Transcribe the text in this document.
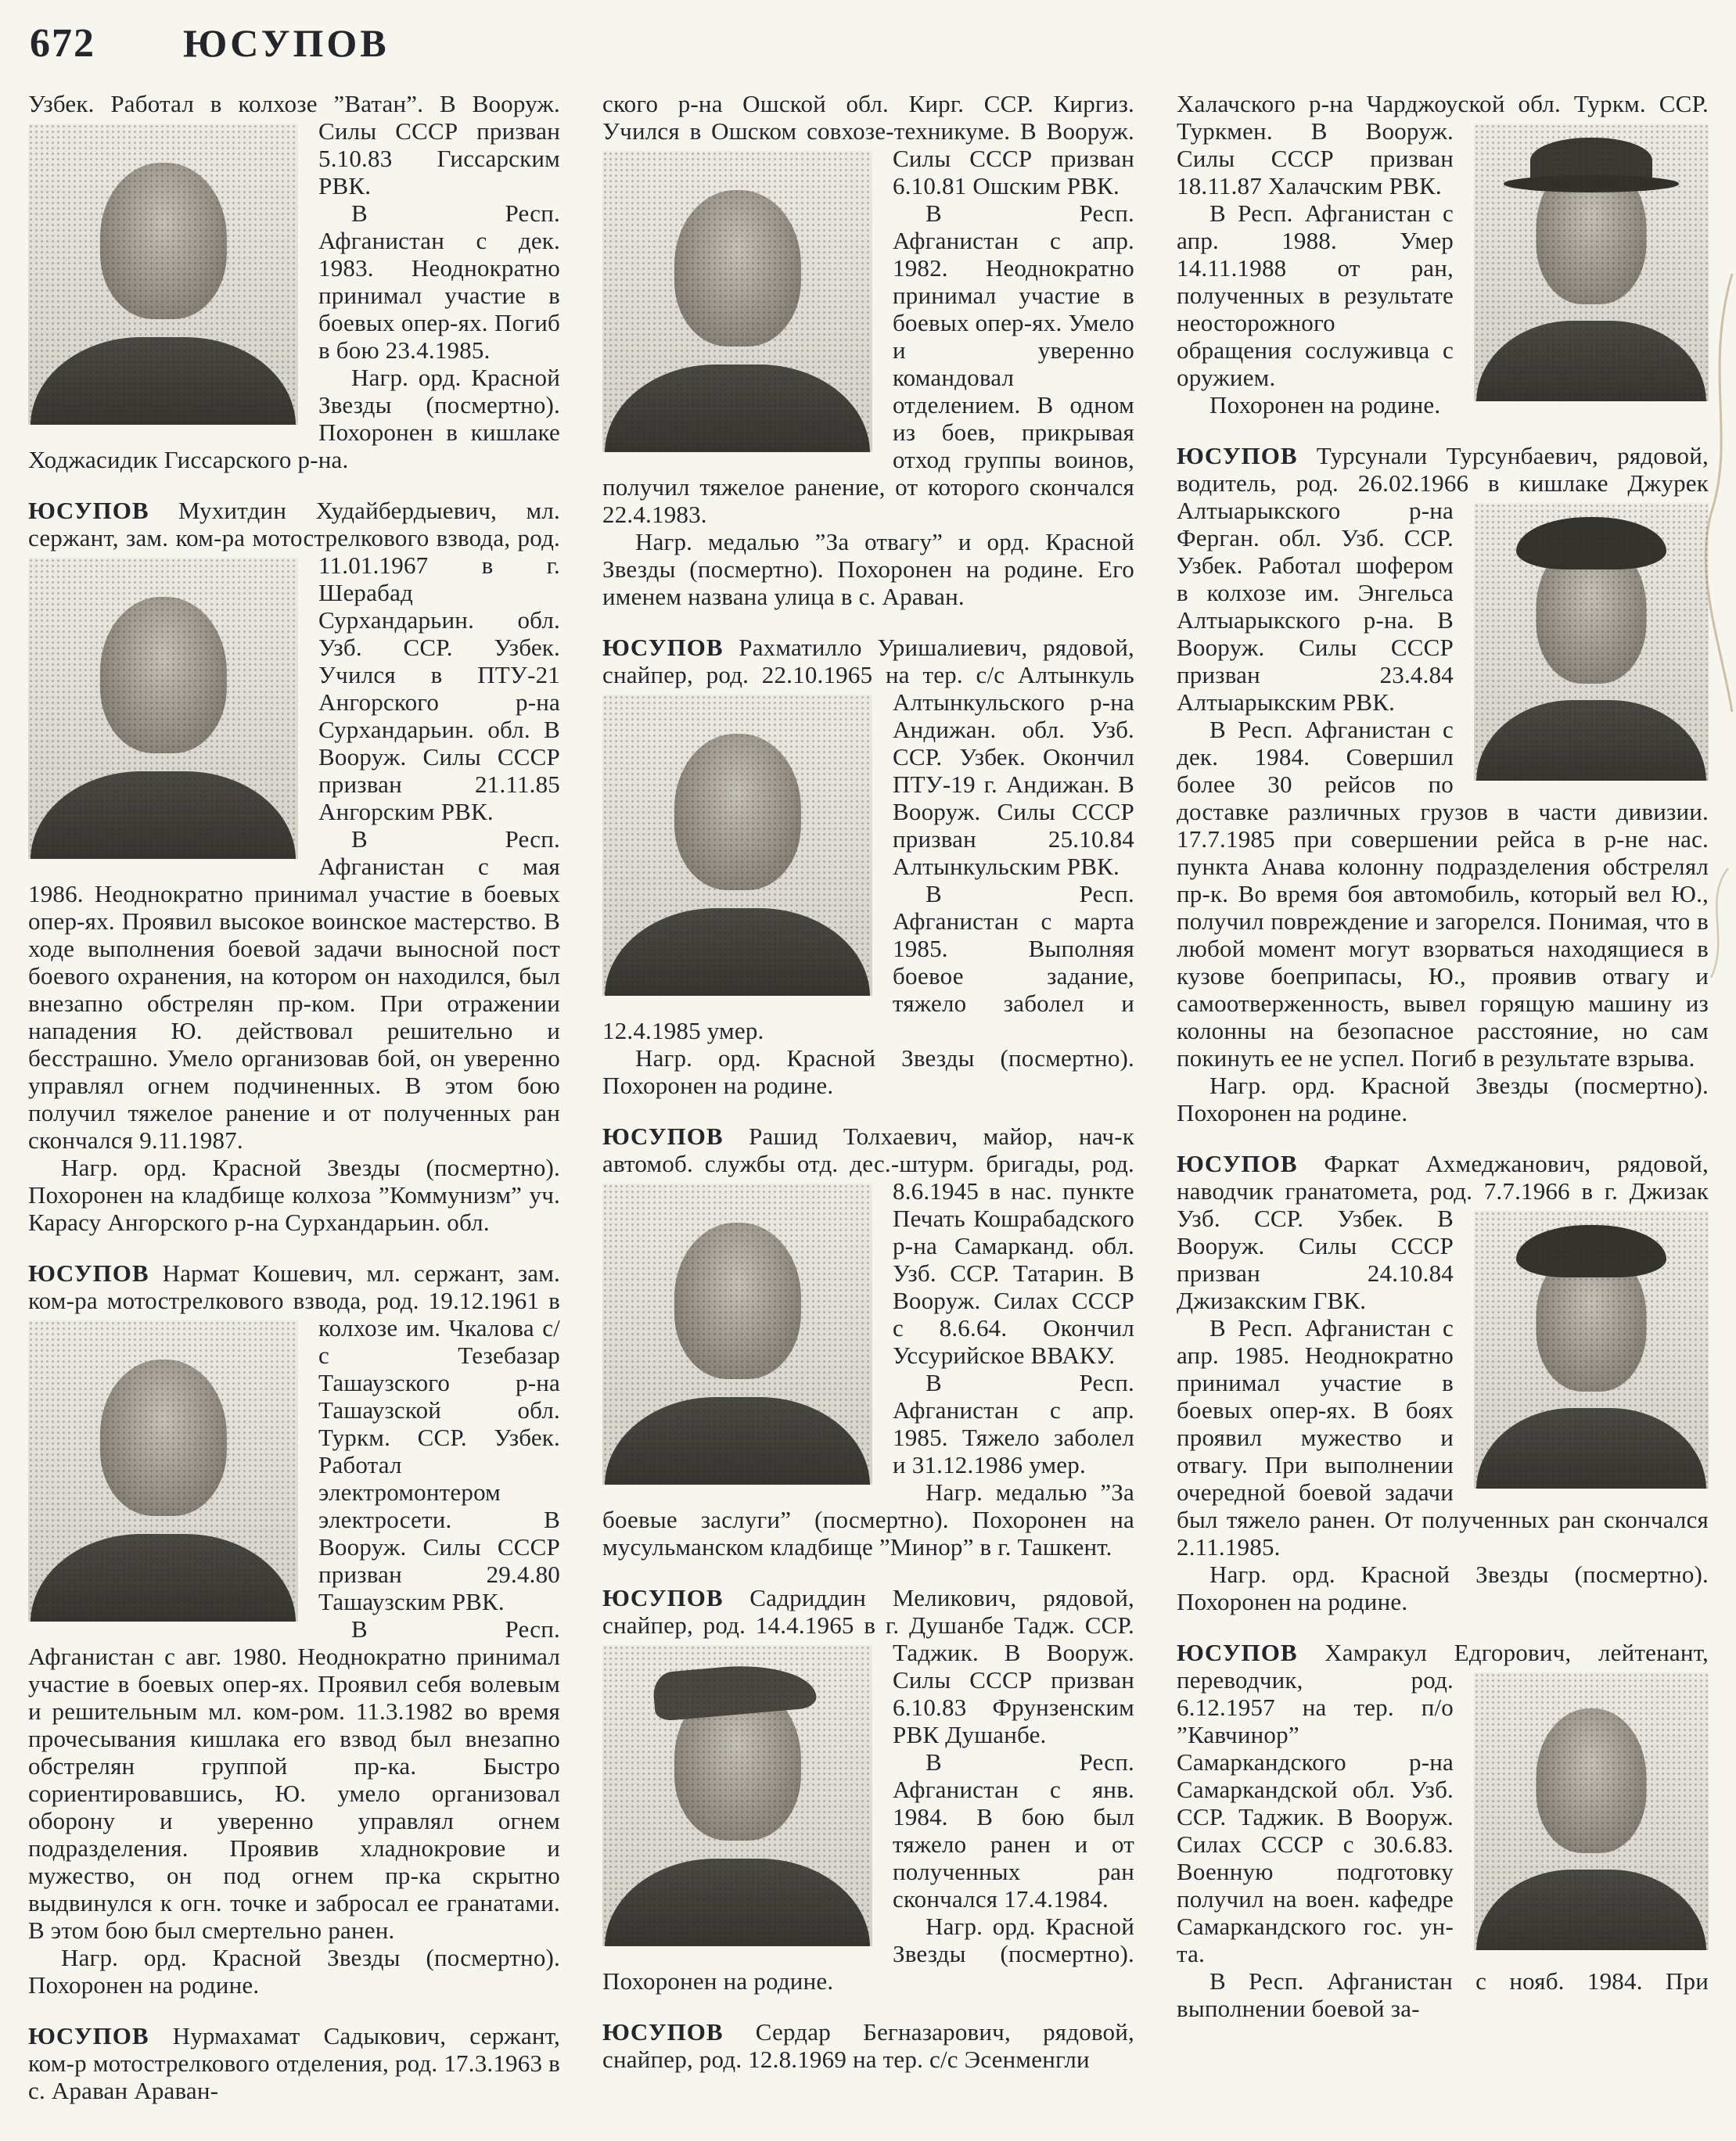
672	ЮСУПОВ

Узбек. Работал в колхозе ”Ватан”.
В Вооруж. Силы СССР призван 5.10.83 Гиссарским РВК.

В Респ. Афганистан с дек. 1983. Неоднократно принимал участие в боевых опер-ях. Погиб в бою 23.4.1985.

Нагр. орд. Красной Звезды (посмертно). Похоронен в кишлаке Ходжасидик Гиссарского р-на.

ЮСУПОВ Мухитдин Худайбердыевич, мл. сержант, зам. ком-ра мотострелкового
взвода, род. 11.01.1967 в г. Шерабад Сурхандарьин. обл. Узб. ССР. Узбек. Учился в ПТУ-21 Ангорского р-на Сурхандарьин. обл. В Вооруж. Силы СССР призван 21.11.85 Ангорским РВК.

В Респ. Афганистан с мая 1986. Неоднократно принимал участие в боевых опер-ях. Проявил высокое воинское мастерство. В ходе выполнения боевой задачи выносной пост боевого охранения, на котором он находился, был внезапно обстрелян пр-ком. При отражении нападения Ю. действовал решительно и бесстрашно. Умело организовав бой, он уверенно управлял огнем подчиненных. В этом бою получил тяжелое ранение и от полученных ран скончался 9.11.1987.

Нагр. орд. Красной Звезды (посмертно). Похоронен на кладбище колхоза ”Коммунизм” уч. Карасу Ангорского р-на Сурхандарьин. обл.

ЮСУПОВ Нармат Кошевич, мл. сержант, зам. ком-ра мотострелкового взвода, род.
19.12.1961 в колхозе им. Чкалова с/с Тезебазар Ташаузского р-на Ташаузской обл. Туркм. ССР. Узбек. Работал электромонтером электросети. В Вооруж. Силы СССР призван 29.4.80 Ташаузским РВК.

В Респ. Афганистан с авг. 1980. Неоднократно принимал участие в боевых опер-ях. Проявил себя волевым и решительным мл. ком-ром. 11.3.1982 во время прочесывания кишлака его взвод был внезапно обстрелян группой пр-ка. Быстро сориентировавшись, Ю. умело организовал оборону и уверенно управлял огнем подразделения. Проявив хладнокровие и мужество, он под огнем пр-ка скрытно выдвинулся к огн. точке и забросал ее гранатами. В этом бою был смертельно ранен.

Нагр. орд. Красной Звезды (посмертно). Похоронен на родине.

ЮСУПОВ Нурмахамат Садыкович, сержант, ком-р мотострелкового отделения, род. 17.3.1963 в с. Араван Араван-

ского р-на Ошской обл. Кирг. ССР. Киргиз. Учился в Ошском совхозе-техникуме.
В Вооруж. Силы СССР призван 6.10.81 Ошским РВК.

В Респ. Афганистан с апр. 1982. Неоднократно принимал участие в боевых опер-ях. Умело и уверенно командовал отделением. В одном из боев, прикрывая отход группы воинов, получил тяжелое ранение, от которого скончался 22.4.1983.

Нагр. медалью ”За отвагу” и орд. Красной Звезды (посмертно). Похоронен на родине. Его именем названа улица в с. Араван.

ЮСУПОВ Рахматилло Уришалиевич, рядовой, снайпер, род. 22.10.1965 на тер. с/с
Алтынкуль Алтынкульского р-на Андижан. обл. Узб. ССР. Узбек. Окончил ПТУ-19 г. Андижан. В Вооруж. Силы СССР призван 25.10.84 Алтынкульским РВК.

В Респ. Афганистан с марта 1985. Выполняя боевое задание, тяжело заболел и 12.4.1985 умер.

Нагр. орд. Красной Звезды (посмертно). Похоронен на родине.

ЮСУПОВ Рашид Толхаевич, майор, нач-к автомоб. службы отд. дес.-штурм.
бригады, род. 8.6.1945 в нас. пункте Печать Кошрабадского р-на Самарканд. обл. Узб. ССР. Татарин. В Вооруж. Силах СССР с 8.6.64. Окончил Уссурийское ВВАКУ.

В Респ. Афганистан с апр. 1985. Тяжело заболел и 31.12.1986 умер.

Нагр. медалью ”За боевые заслуги” (посмертно). Похоронен на мусульманском кладбище ”Минор” в г. Ташкент.

ЮСУПОВ Садриддин Меликович, рядовой, снайпер, род. 14.4.1965 в г. Душанбе
Тадж. ССР. Таджик. В Вооруж. Силы СССР призван 6.10.83 Фрунзенским РВК Душанбе.

В Респ. Афганистан с янв. 1984. В бою был тяжело ранен и от полученных ран скончался 17.4.1984.

Нагр. орд. Красной Звезды (посмертно). Похоронен на родине.

ЮСУПОВ Сердар Бегназарович, рядовой, снайпер, род. 12.8.1969 на тер. с/с Эсенменгли

Халачского р-на Чарджоуской обл. Туркм.
ССР. Туркмен. В Вооруж. Силы СССР призван 18.11.87 Халачским РВК.

В Респ. Афганистан с апр. 1988. Умер 14.11.1988 от ран, полученных в результате неосторожного обращения сослуживца с оружием.

Похоронен на родине.

ЮСУПОВ Турсунали Турсунбаевич, рядовой, водитель, род. 26.02.1966 в кишлаке
Джурек Алтыарыкского р-на Ферган. обл. Узб. ССР. Узбек. Работал шофером в колхозе им. Энгельса Алтыарыкского р-на. В Вооруж. Силы СССР призван 23.4.84 Алтыарыкским РВК.

В Респ. Афганистан с дек. 1984. Совершил более 30 рейсов по доставке различных грузов в части дивизии. 17.7.1985 при совершении рейса в р-не нас. пункта Анава колонну подразделения обстрелял пр-к. Во время боя автомобиль, который вел Ю., получил повреждение и загорелся. Понимая, что в любой момент могут взорваться находящиеся в кузове боеприпасы, Ю., проявив отвагу и самоотверженность, вывел горящую машину из колонны на безопасное расстояние, но сам покинуть ее не успел. Погиб в результате взрыва.

Нагр. орд. Красной Звезды (посмертно). Похоронен на родине.

ЮСУПОВ Фаркат Ахмеджанович, рядовой, наводчик гранатомета, род. 7.7.1966
в г. Джизак Узб. ССР. Узбек. В Вооруж. Силы СССР призван 24.10.84 Джизакским ГВК.

В Респ. Афганистан с апр. 1985. Неоднократно принимал участие в боевых опер-ях. В боях проявил мужество и отвагу. При выполнении очередной боевой задачи был тяжело ранен. От полученных ран скончался 2.11.1985.

Нагр. орд. Красной Звезды (посмертно). Похоронен на родине.

ЮСУПОВ Хамракул Едгорович, лейтенант, переводчик, род.
6.12.1957 на тер. п/о ”Кавчинор” Самаркандского р-на Самаркандской обл. Узб. ССР. Таджик. В Вооруж. Силах СССР с 30.6.83. Военную подготовку получил на воен. кафедре Самаркандского гос. ун-та.

В Респ. Афганистан с нояб. 1984. При выполнении боевой за-
